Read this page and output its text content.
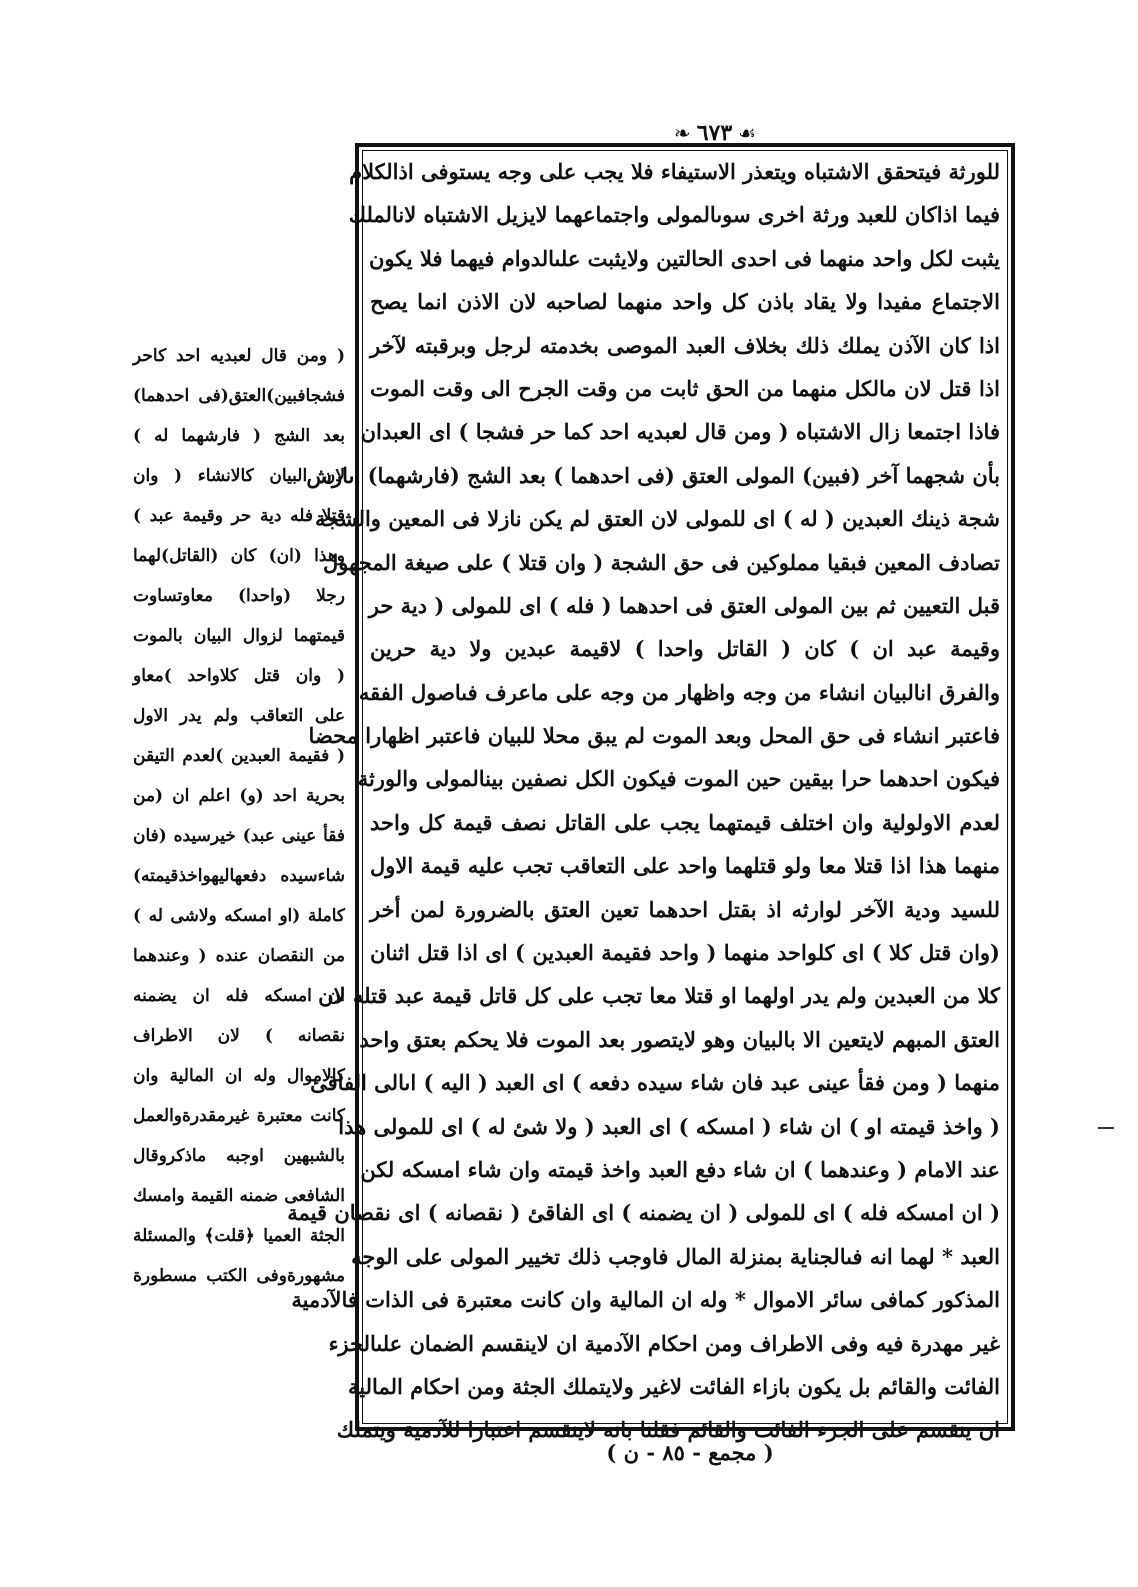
❧ ٦٧٣ ☙
للورثة فيتحقق الاشتباه ويتعذر الاستيفاء فلا يجب على وجه يستوفى اذالكلام
فيما اذاكان للعبد ورثة اخرى سوىالمولى واجتماعهما لايزيل الاشتباه لانالملك
يثبت لكل واحد منهما فى احدى الحالتين ولايثبت علىالدوام فيهما فلا يكون
الاجتماع مفيدا ولا يقاد باذن كل واحد منهما لصاحبه لان الاذن انما يصح
اذا كان الآذن يملك ذلك بخلاف العبد الموصى بخدمته لرجل وبرقبته لآخر
اذا قتل لان مالكل منهما من الحق ثابت من وقت الجرح الى وقت الموت
فاذا اجتمعا زال الاشتباه ( ومن قال لعبديه احد كما حر فشجا ) اى العبدان
بأن شجهما آخر (فبين) المولى العتق (فى احدهما ) بعد الشج (فارشهما) اىارش
شجة ذينك العبدين ( له ) اى للمولى لان العتق لم يكن نازلا فى المعين والشجة
تصادف المعين فبقيا مملوكين فى حق الشجة ( وان قتلا ) على صيغة المجهول
قبل التعيين ثم بين المولى العتق فى احدهما ( فله ) اى للمولى ( دية حر
وقيمة عبد ان ) كان ( القاتل واحدا ) لاقيمة عبدين ولا دية حرين
والفرق انالبيان انشاء من وجه واظهار من وجه على ماعرف فىاصول الفقه
فاعتبر انشاء فى حق المحل وبعد الموت لم يبق محلا للبيان فاعتبر اظهارا محضا
فيكون احدهما حرا بيقين حين الموت فيكون الكل نصفين بينالمولى والورثة
لعدم الاولولية وان اختلف قيمتهما يجب على القاتل نصف قيمة كل واحد
منهما هذا اذا قتلا معا ولو قتلهما واحد على التعاقب تجب عليه قيمة الاول
للسيد ودية الآخر لوارثه اذ بقتل احدهما تعين العتق بالضرورة لمن أخر
(وان قتل كلا ) اى كلواحد منهما ( واحد فقيمة العبدين ) اى اذا قتل اثنان
كلا من العبدين ولم يدر اولهما او قتلا معا تجب على كل قاتل قيمة عبد قتله لان
العتق المبهم لايتعين الا بالبيان وهو لايتصور بعد الموت فلا يحكم بعتق واحد
منهما ( ومن فقأ عينى عبد فان شاء سيده دفعه ) اى العبد ( اليه ) اىالى الفاقئ
( واخذ قيمته او ) ان شاء ( امسكه ) اى العبد ( ولا شئ له ) اى للمولى هذا
عند الامام ( وعندهما ) ان شاء دفع العبد واخذ قيمته وان شاء امسكه لكن
( ان امسكه فله ) اى للمولى ( ان يضمنه ) اى الفاقئ ( نقصانه ) اى نقصان قيمة
العبد * لهما انه فىالجناية بمنزلة المال فاوجب ذلك تخيير المولى على الوجه
المذكور كمافى سائر الاموال * وله ان المالية وان كانت معتبرة فى الذات فالآدمية
غير مهدرة فيه وفى الاطراف ومن احكام الآدمية ان لاينقسم الضمان علىالجزء
الفائت والقائم بل يكون بازاء الفائت لاغير ولايتملك الجثة ومن احكام المالية
ان ينقسم على الجزء الفائت والقائم فقلنا بانه لاينقسم اعتبارا للآدمية ويتملك
( ومن قال لعبديه احد كاحر
فشجافبين)العتق(فى احدهما)
بعد الشج ( فارشهما له )
لان البيان كالانشاء ( وان
قتلا فله دية حر وقيمة عبد )
وهذا (ان) كان (القاتل)لهما
رجلا (واحدا) معاوتساوت
قيمتهما لزوال البيان بالموت
( وان قتل كلاواحد )معاو
على التعاقب ولم يدر الاول
( فقيمة العبدين )لعدم التيقن
بحرية احد (و) اعلم ان (من
فقأ عينى عبد) خيرسيده (فان
شاءسيده دفعهاليهواخذقيمته)
كاملة (او امسكه ولاشى له )
من النقصان عنده ( وعندهما
ان امسكه فله ان يضمنه
نقصانه ) لان الاطراف
كالاموال وله ان المالية وان
كانت معتبرة غيرمقدرةوالعمل
بالشبهين اوجبه ماذكروقال
الشافعى ضمنه القيمة وامسك
الجثة العميا ﴿قلت﴾ والمسئلة
مشهورةوفى الكتب مسطورة
( مجمع - ٨٥ - ن )
